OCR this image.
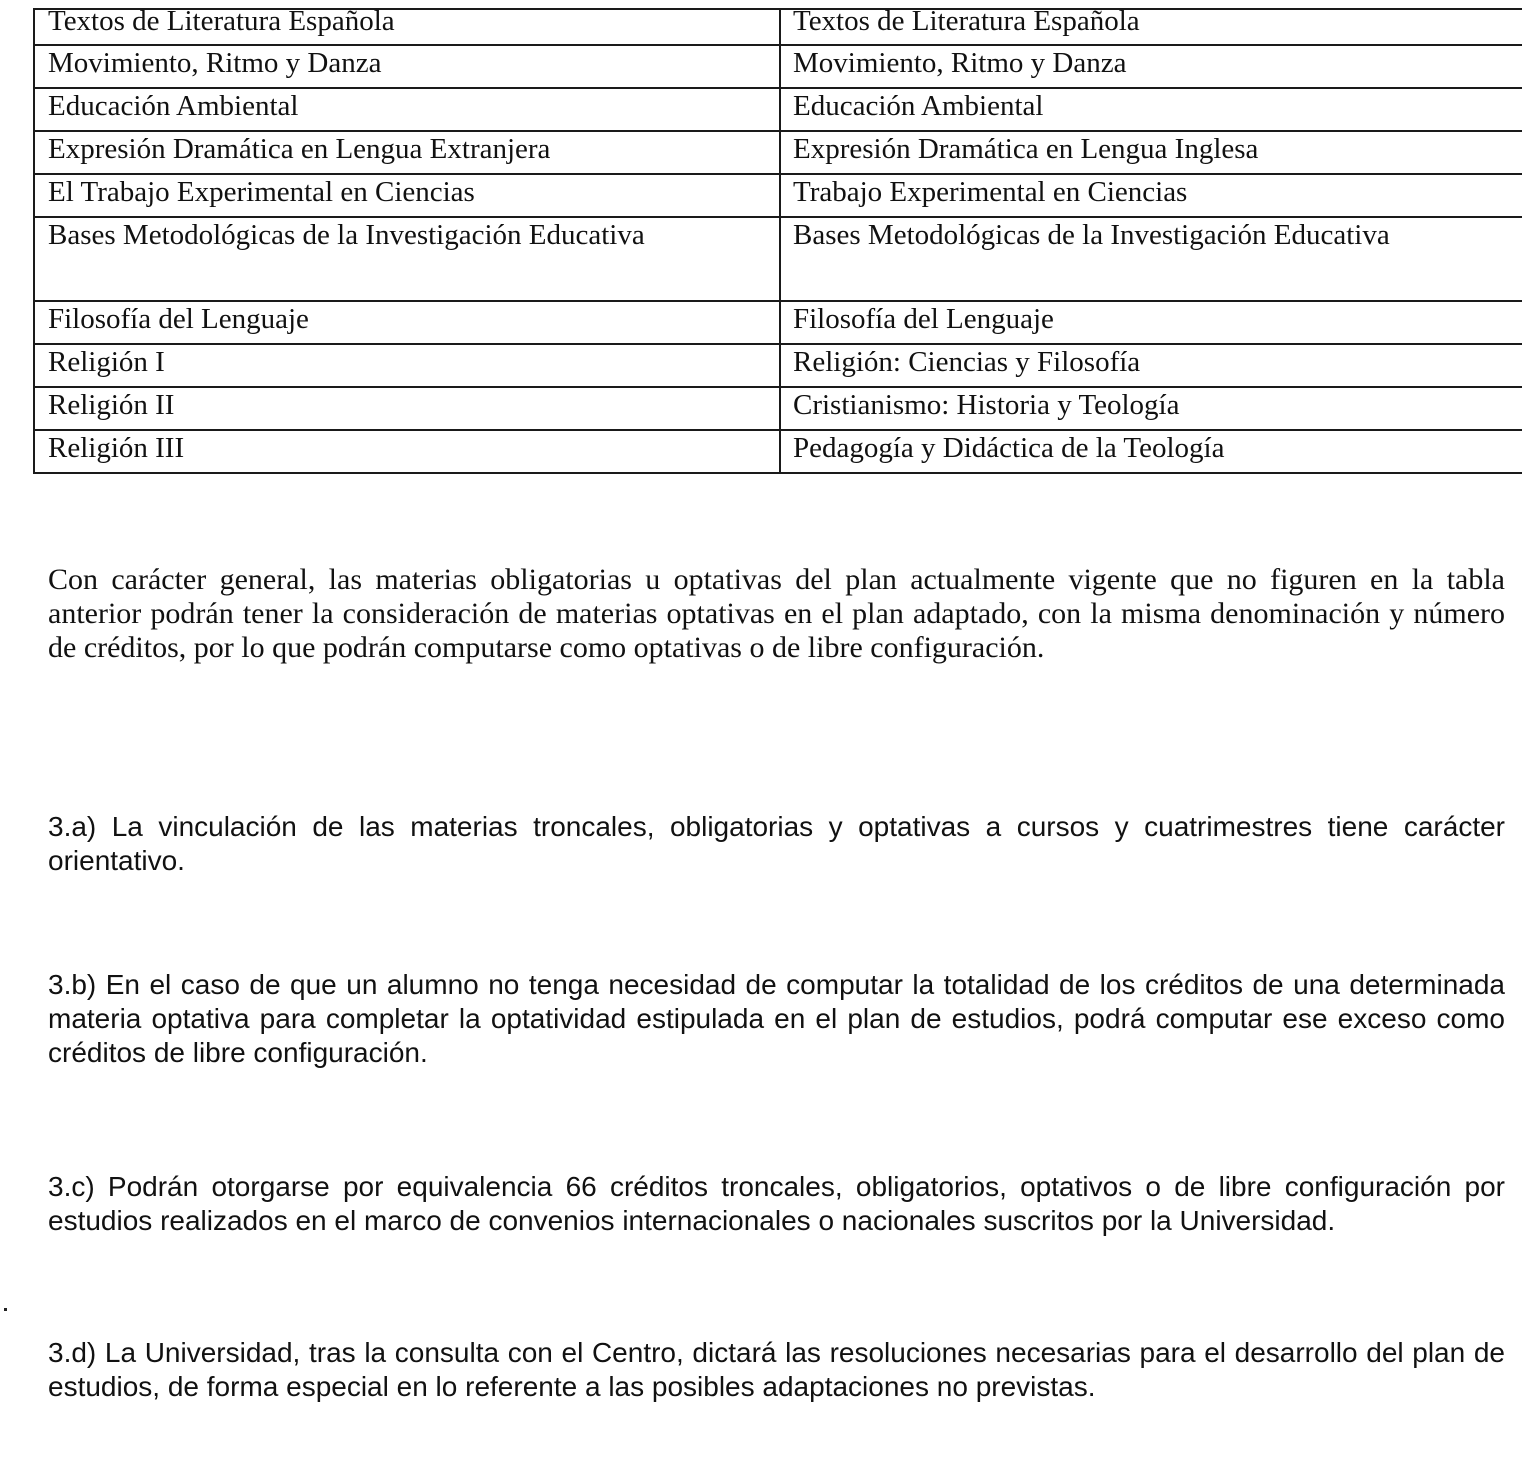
Textos de Literatura Española	Textos de Literatura Española
Movimiento, Ritmo y Danza	Movimiento, Ritmo y Danza
Educación Ambiental	Educación Ambiental
Expresión Dramática en Lengua Extranjera	Expresión Dramática en Lengua Inglesa
El Trabajo Experimental en Ciencias	Trabajo Experimental en Ciencias
Bases Metodológicas de la Investigación Educativa	Bases Metodológicas de la Investigación Educativa
Filosofía del Lenguaje	Filosofía del Lenguaje
Religión I	Religión: Ciencias y Filosofía
Religión II	Cristianismo: Historia y Teología
Religión III	Pedagogía y Didáctica de la Teología

Con carácter general, las materias obligatorias u optativas del plan actualmente vigente que no figuren en la tabla anterior podrán tener la consideración de materias optativas en el plan adaptado, con la misma denominación y número de créditos, por lo que podrán computarse como optativas o de libre configuración.

3.a) La vinculación de las materias troncales, obligatorias y optativas a cursos y cuatrimestres tiene carácter orientativo.

3.b) En el caso de que un alumno no tenga necesidad de computar la totalidad de los créditos de una determinada materia optativa para completar la optatividad estipulada en el plan de estudios, podrá computar ese exceso como créditos de libre configuración.

3.c) Podrán otorgarse por equivalencia 66 créditos troncales, obligatorios, optativos o de libre configuración por estudios realizados en el marco de convenios internacionales o nacionales suscritos por la Universidad.

3.d) La Universidad, tras la consulta con el Centro, dictará las resoluciones necesarias para el desarrollo del plan de estudios, de forma especial en lo referente a las posibles adaptaciones no previstas.
